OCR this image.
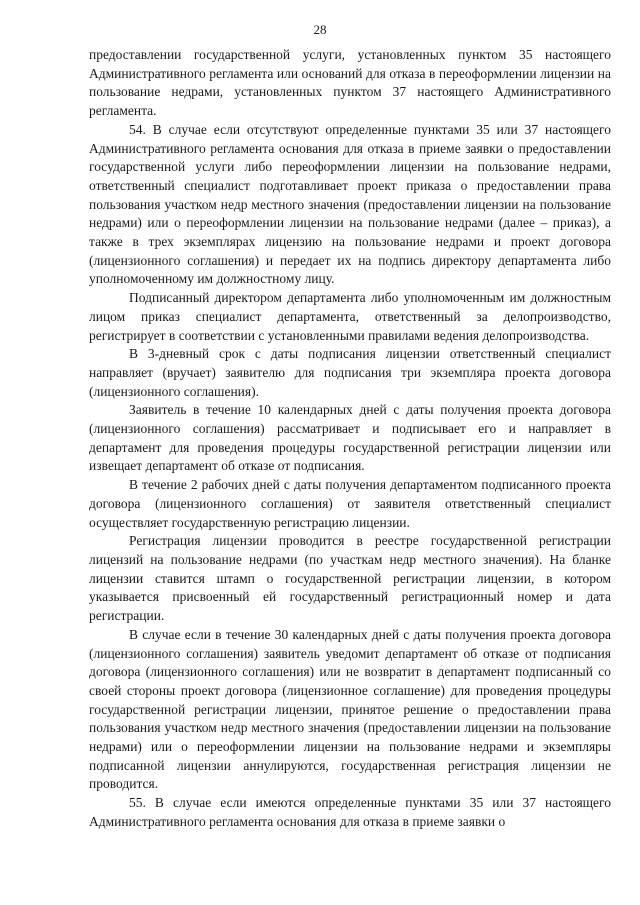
28

предоставлении государственной услуги, установленных пунктом 35 настоящего Административного регламента или оснований для отказа в переоформлении лицензии на пользование недрами, установленных пунктом 37 настоящего Административного регламента.

54. В случае если отсутствуют определенные пунктами 35 или 37 настоящего Административного регламента основания для отказа в приеме заявки о предоставлении государственной услуги либо переоформлении лицензии на пользование недрами, ответственный специалист подготавливает проект приказа о предоставлении права пользования участком недр местного значения (предоставлении лицензии на пользование недрами) или о переоформлении лицензии на пользование недрами (далее – приказ), а также в трех экземплярах лицензию на пользование недрами и проект договора (лицензионного соглашения) и передает их на подпись директору департамента либо уполномоченному им должностному лицу.

Подписанный директором департамента либо уполномоченным им должностным лицом приказ специалист департамента, ответственный за делопроизводство, регистрирует в соответствии с установленными правилами ведения делопроизводства.

В 3-дневный срок с даты подписания лицензии ответственный специалист направляет (вручает) заявителю для подписания три экземпляра проекта договора (лицензионного соглашения).

Заявитель в течение 10 календарных дней с даты получения проекта договора (лицензионного соглашения) рассматривает и подписывает его и направляет в департамент для проведения процедуры государственной регистрации лицензии или извещает департамент об отказе от подписания.

В течение 2 рабочих дней с даты получения департаментом подписанного проекта договора (лицензионного соглашения) от заявителя ответственный специалист осуществляет государственную регистрацию лицензии.

Регистрация лицензии проводится в реестре государственной регистрации лицензий на пользование недрами (по участкам недр местного значения). На бланке лицензии ставится штамп о государственной регистрации лицензии, в котором указывается присвоенный ей государственный регистрационный номер и дата регистрации.

В случае если в течение 30 календарных дней с даты получения проекта договора (лицензионного соглашения) заявитель уведомит департамент об отказе от подписания договора (лицензионного соглашения) или не возвратит в департамент подписанный со своей стороны проект договора (лицензионное соглашение) для проведения процедуры государственной регистрации лицензии, принятое решение о предоставлении права пользования участком недр местного значения (предоставлении лицензии на пользование недрами) или о переоформлении лицензии на пользование недрами и экземпляры подписанной лицензии аннулируются, государственная регистрация лицензии не проводится.

55. В случае если имеются определенные пунктами 35 или 37 настоящего Административного регламента основания для отказа в приеме заявки о
